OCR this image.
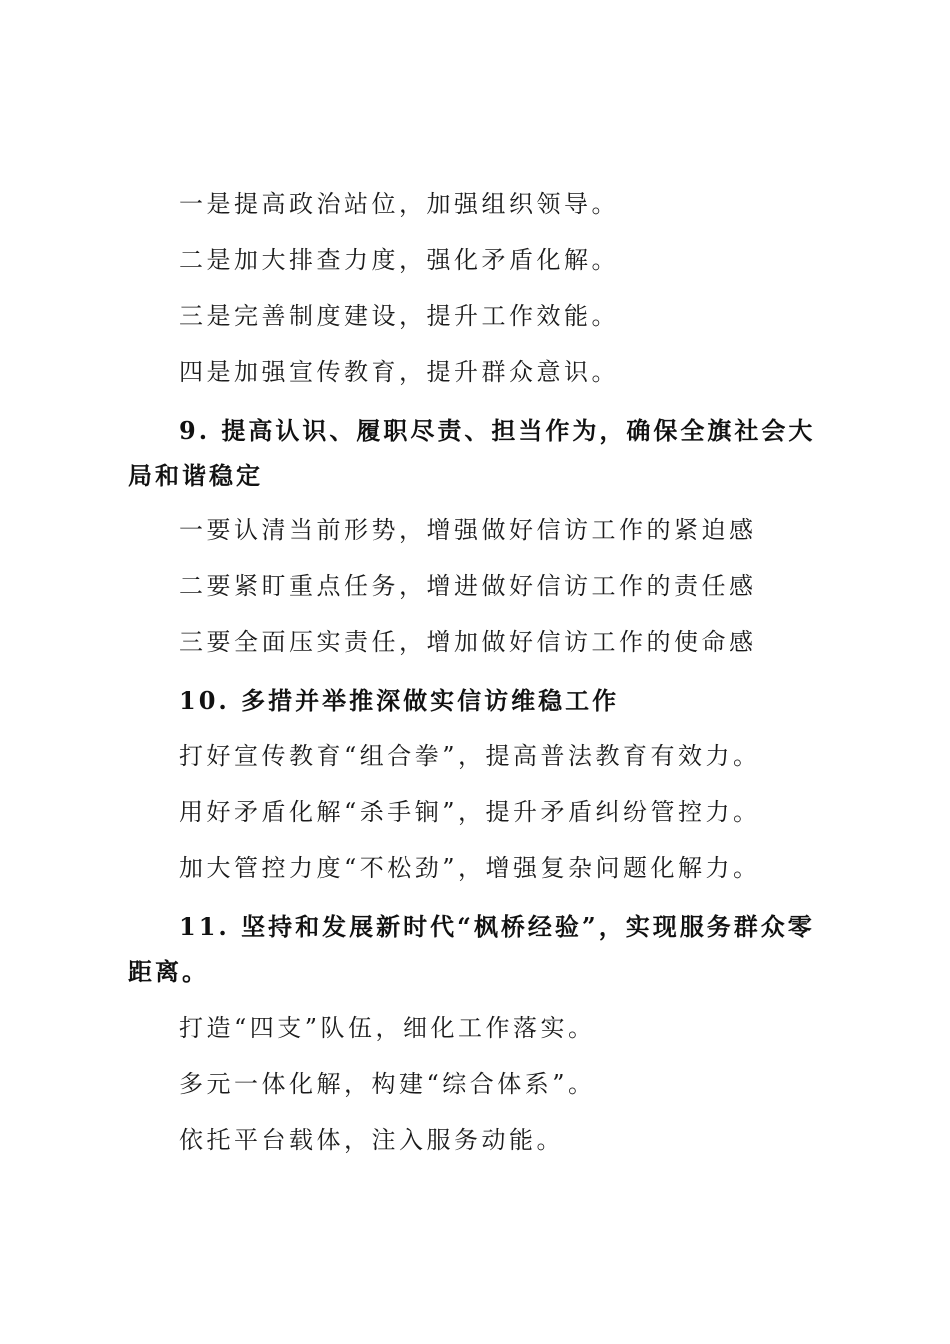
一是提高政治站位，加强组织领导。
二是加大排查力度，强化矛盾化解。
三是完善制度建设，提升工作效能。
四是加强宣传教育，提升群众意识。
9. 提高认识、履职尽责、担当作为，确保全旗社会大局和谐稳定
一要认清当前形势，增强做好信访工作的紧迫感
二要紧盯重点任务，增进做好信访工作的责任感
三要全面压实责任，增加做好信访工作的使命感
10. 多措并举推深做实信访维稳工作
打好宣传教育“组合拳”，提高普法教育有效力。
用好矛盾化解“杀手锏”，提升矛盾纠纷管控力。
加大管控力度“不松劲”，增强复杂问题化解力。
11. 坚持和发展新时代“枫桥经验”，实现服务群众零距离。
打造“四支”队伍，细化工作落实。
多元一体化解，构建“综合体系”。
依托平台载体，注入服务动能。
